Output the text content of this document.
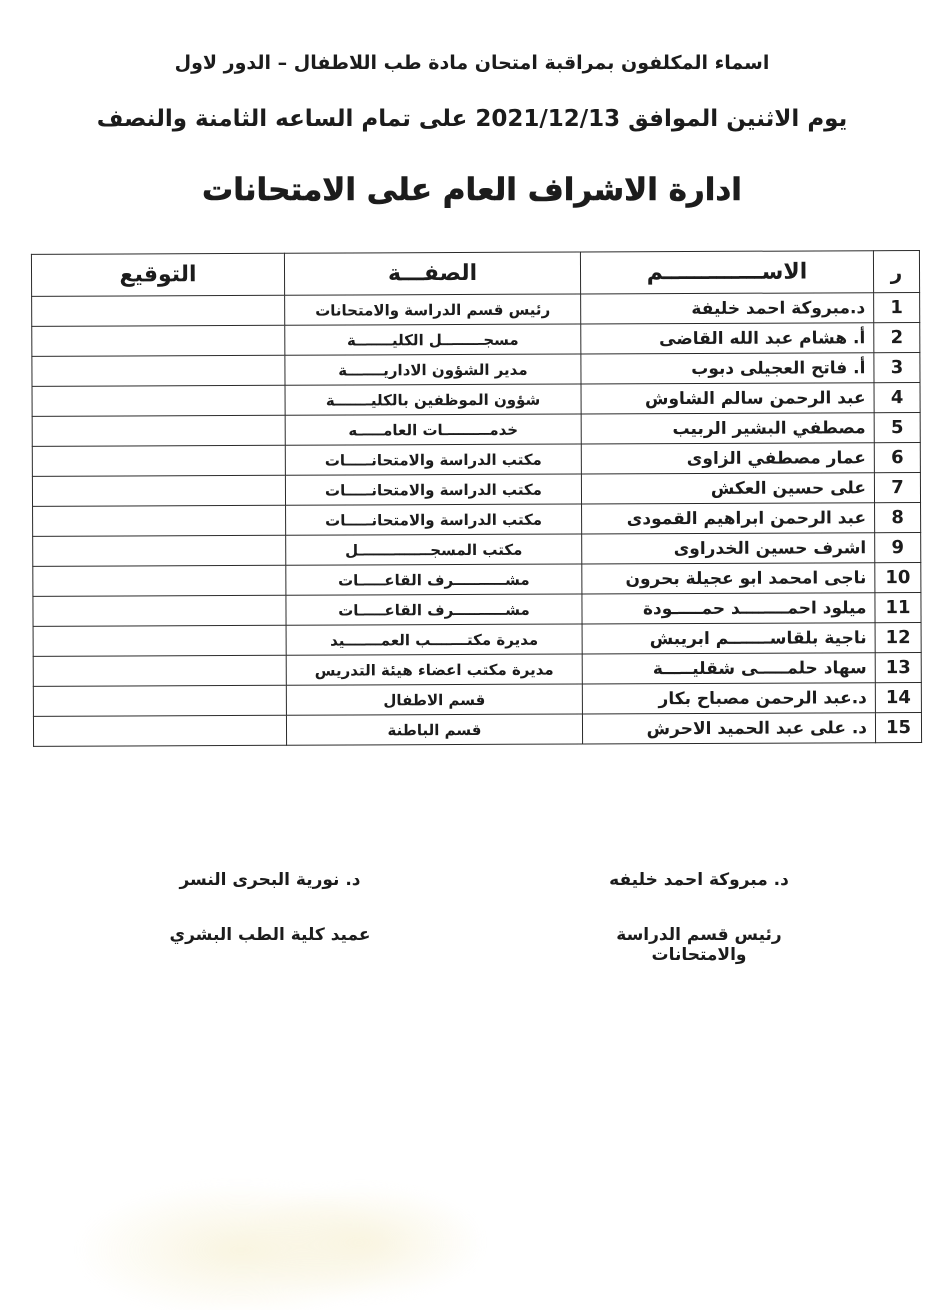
اسماء المكلفون بمراقبة امتحان مادة طب اللاطفال – الدور لاول
يوم الاثنين الموافق 2021/12/13 على تمام الساعه الثامنة والنصف
ادارة الاشراف العام على الامتحانات
ر	الاســـــــــــــم	الصفـــة	التوقيع
1	د.مبروكة احمد خليفة	رئيس قسم الدراسة والامتحانات	
2	أ. هشام عبد الله القاضى	مسجــــــــل الكليـــــــة	
3	أ. فاتح العجيلى دبوب	مدير الشؤون الاداريـــــــة	
4	عبد الرحمن سالم الشاوش	شؤون الموظفين بالكليـــــــة	
5	مصطفي البشير الربيب	خدمـــــــــات العامـــــه	
6	عمار مصطفي الزاوى	مكتب الدراسة والامتحانـــــات	
7	على حسين العكش	مكتب الدراسة والامتحانـــــات	
8	عبد الرحمن ابراهيم القمودى	مكتب الدراسة والامتحانـــــات	
9	اشرف حسين الخدراوى	مكتب المسجــــــــــــــل	
10	ناجى امحمد ابو عجيلة بحرون	مشــــــــــرف القاعـــــات	
11	ميلود احمــــــــد حمـــــودة	مشــــــــــرف القاعـــــات	
12	ناجية بلقاســـــــم ابريبش	مديرة مكتـــــــب العمـــــــيد	
13	سهاد حلمـــــى شقليـــــة	مديرة مكتب اعضاء هيئة التدريس	
14	د.عبد الرحمن مصباح بكار	قسم الاطفال	
15	د. على عبد الحميد الاحرش	قسم الباطنة	
د. مبروكة احمد خليفه
رئيس قسم الدراسة والامتحانات
د. نورية البحرى النسر
عميد كلية الطب البشري
